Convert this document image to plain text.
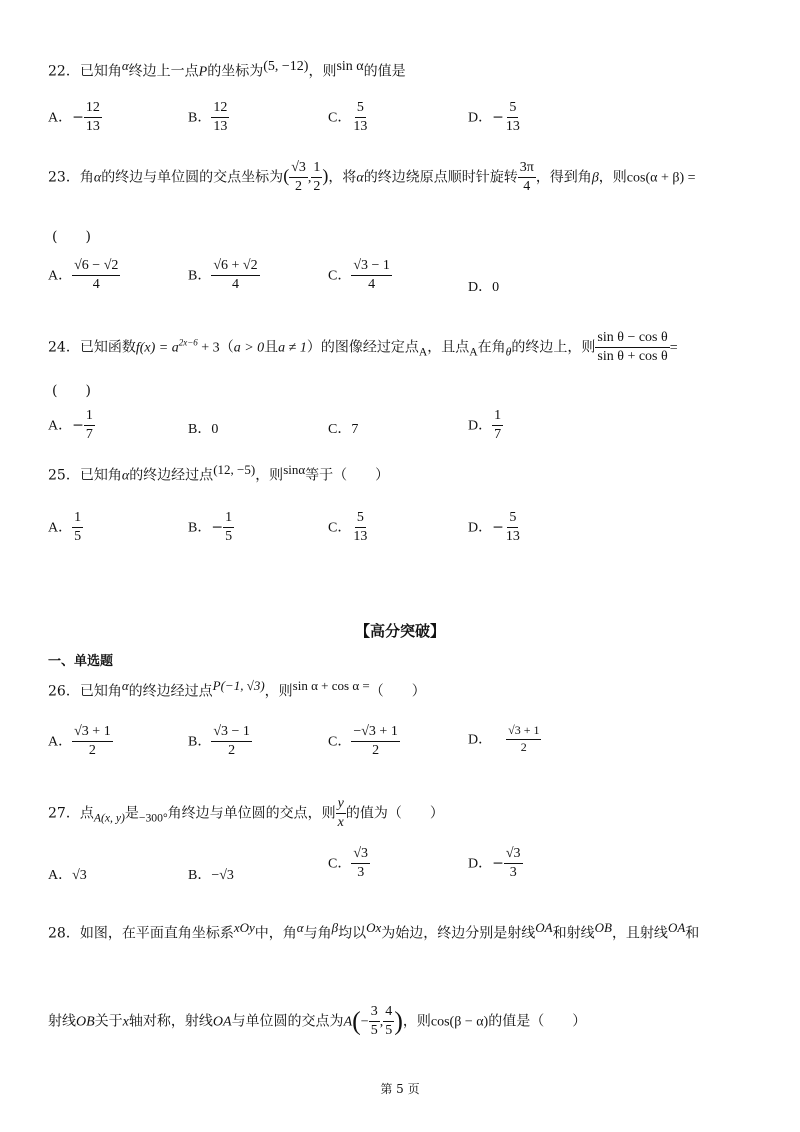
22．已知角$^\alpha$终边上一点P的坐标为$^{(5, -12)}$，则$^{sin \alpha}$的值是
A．− $\frac{12}{13}$	B． $\frac{12}{13}$	C． $\frac{5}{13}$	D．− $\frac{5}{13}$
23．角α的终边与单位圆的交点坐标为( $\frac{√3}{2}$ , $\frac{1}{2}$ )，将α的终边绕原点顺时针旋转 $\frac{3\pi}{4}$ ，得到角β，则cos(α + β) =
(　　)
A． $\frac{√6 - √2}{4}$	B． $\frac{√6 + √2}{4}$	C． $\frac{√3 - 1}{4}$	D．0
24．已知函数$f(x) = a^{2x-6} + 3(a > 0$且a ≠ 1）的图像经过定点$_A$，且点$_A$在角$_\theta$的终边上，则 $\frac{\text{sin θ − cos θ}}{\text{sin θ + cos θ}}$ =
(　　)
A．− $\frac{1}{7}$	B．0	C．7	D． $\frac{1}{7}$
25．已知角α的终边经过点$^{(12, -5)}$，则$^{sin\alpha}$等于（　　）
A． $\frac{1}{5}$	B．− $\frac{1}{5}$	C． $\frac{5}{13}$	D．− $\frac{5}{13}$
【高分突破】
一、单选题
26．已知角$^\alpha$的终边经过点$^{P(-1, √3)}$，则$^{sin \alpha + cos \alpha =}$（　　）
A． $\frac{√3 + 1}{2}$	B． $\frac{√3 - 1}{2}$	C． $\frac{-√3 + 1}{2}$	D． $\frac{√3 + 1}{2}$
27．点$_{A(x, y)}$是$_{-300^\circ}$角终边与单位圆的交点，则 $\frac{y}{x}$ 的值为（　　）
A．√3	B．−√3
C． $\frac{√3}{3}$	D．− $\frac{√3}{3}$
28．如图，在平面直角坐标系$^{xOy}$中，角$^\alpha$与角$^\beta$均以$^{Ox}$为始边，终边分别是射线$^{OA}$和射线$^{OB}$，且射线$^{OA}$和
射线OB关于x轴对称，射线OA与单位圆的交点为$A(- \frac{3}{5}$ , $\frac{4}{5}$ )，则cos(β − α)的值是（　　）
第 5 页
